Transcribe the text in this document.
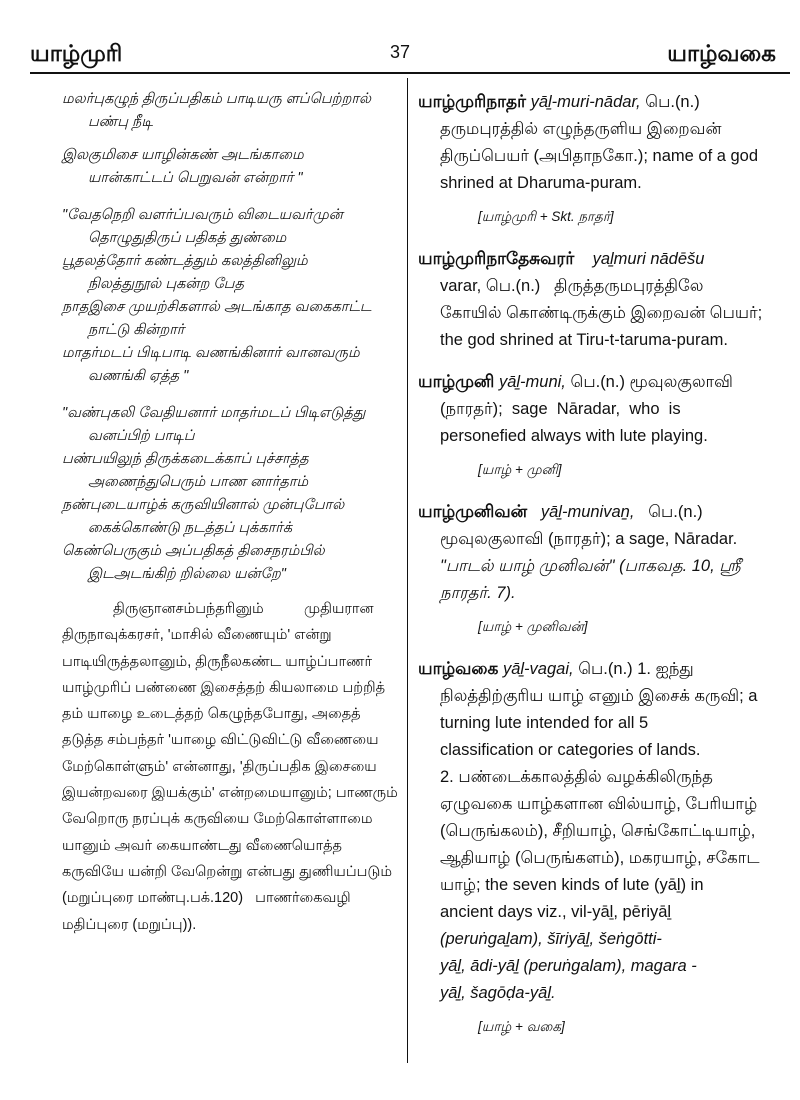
யாழ்முரி	37	யாழ்வகை
மலர்புகழுந் திருப்பதிகம் பாடியரு ளப்பெற்றால்
பண்பு நீடி
இலகுமிசை யாழின்கண் அடங்காமை
யான்காட்டப் பெறுவன் என்றார் "
"வேதநெறி வளர்ப்பவரும் விடையவர்முன்
தொழுதுதிருப் பதிகத் துண்மை
பூதலத்தோர் கண்டத்தும் கலத்தினிலும்
நிலத்துநூல் புகன்ற பேத
நாதஇசை முயற்சிகளால் அடங்காத வகைகாட்ட
நாட்டு கின்றார்
மாதர்மடப் பிடிபாடி வணங்கினார் வானவரும்
வணங்கி ஏத்த "
"வண்புகலி வேதியனார் மாதர்மடப் பிடிஎடுத்து
வனப்பிற் பாடிப்
பண்பயிலுந் திருக்கடைக்காப் புச்சாத்த
அணைந்துபெரும் பாண னார்தாம்
நண்புடையாழ்க் கருவியினால் முன்புபோல்
கைக்கொண்டு நடத்தப் புக்கார்க்
கெண்பெருகும் அப்பதிகத் திசைநரம்பில்
இடஅடங்கிற் றில்லை யன்றே"

திருஞானசம்பந்தரினும்          முதியரான

திருநாவுக்கரசர், 'மாசில் வீணையும்' என்று

பாடியிருத்தலானும், திருநீலகண்ட யாழ்ப்பாணர்

யாழ்முரிப் பண்ணை இசைத்தற் கியலாமை பற்றித்

தம் யாழை உடைத்தற் கெழுந்தபோது, அதைத்

தடுத்த சம்பந்தர் 'யாழை விட்டுவிட்டு வீணையை

மேற்கொள்ளும்' என்னாது, 'திருப்பதிக இசையை

இயன்றவரை இயக்கும்' என்றமையானும்; பாணரும்

வேறொரு நரப்புக் கருவியை மேற்கொள்ளாமை

யானும் அவர் கையாண்டது வீணையொத்த

கருவியே யன்றி வேறென்று என்பது துணியப்படும்

(மறுப்புரை மாண்பு.பக்.120)   பாணர்கைவழி

மதிப்புரை (மறுப்பு)).

யாழ்முரிநாதர் yāḻ-muri-nādar, பெ.(n.)

தருமபுரத்தில் எழுந்தருளிய இறைவன்

திருப்பெயர் (அபிதாநகோ.); name of a god

shrined at Dharuma-puram.

[யாழ்முரி + Skt. நாதர்]

யாழ்முரிநாதேசுவரர் yaḻmuri nādēšu

varar, பெ.(n.)   திருத்தருமபுரத்திலே

கோயில் கொண்டிருக்கும் இறைவன் பெயர்;

the god shrined at Tiru-t-taruma-puram.

யாழ்முனி yāḻ-muni, பெ.(n.) மூவுலகுலாவி

(நாரதர்);  sage  Nāradar,  who  is

personefied always with lute playing.

[யாழ் + முனி]

யாழ்முனிவன் yāḻ-munivaṉ, பெ.(n.)

மூவுலகுலாவி (நாரதர்); a sage, Nāradar.

"பாடல் யாழ் முனிவன்" (பாகவத. 10, ஸ்ரீ

நாரதர். 7).

[யாழ் + முனிவன்]

யாழ்வகை yāḻ-vagai, பெ.(n.) 1. ஐந்து

நிலத்திற்குரிய யாழ் எனும் இசைக் கருவி; a

turning lute intended for all 5

classification or categories of lands.

2. பண்டைக்காலத்தில் வழக்கிலிருந்த

ஏழுவகை யாழ்களான வில்யாழ், பேரியாழ்

(பெருங்கலம்), சீறியாழ், செங்கோட்டியாழ்,

ஆதியாழ் (பெருங்களம்), மகரயாழ், சகோட

யாழ்; the seven kinds of lute (yāḻ) in

ancient days viz., vil-yāḻ, pēriyāḻ

(peruṅgaḻam), šīriyāḻ, šeṅgōtti-

yāḻ, ādi-yāḻ (peruṅgalam), magara -

yāḻ, šagōḍa-yāḻ.

[யாழ் + வகை]
